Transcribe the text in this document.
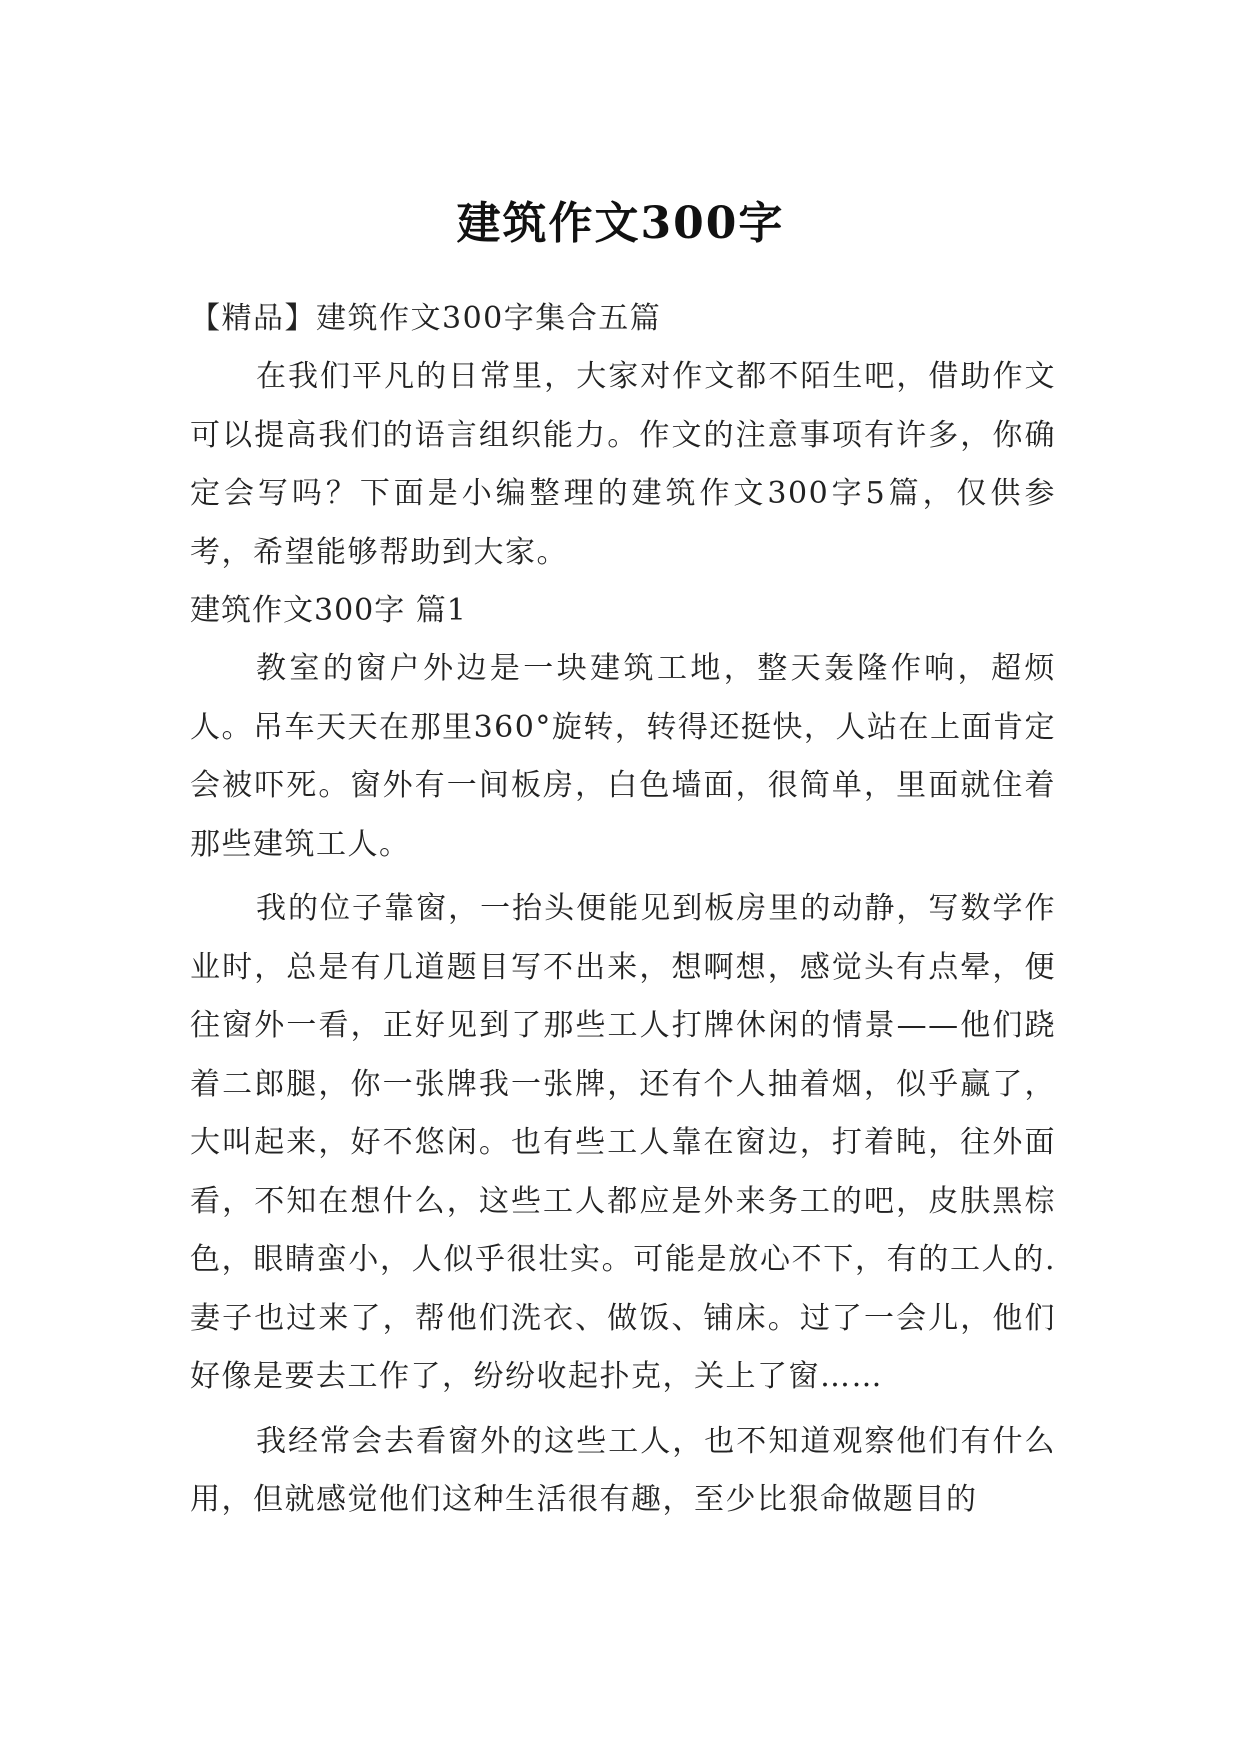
建筑作文300字

【精品】建筑作文300字集合五篇

在我们平凡的日常里，大家对作文都不陌生吧，借助作文可以提高我们的语言组织能力。作文的注意事项有许多，你确定会写吗？下面是小编整理的建筑作文300字5篇，仅供参考，希望能够帮助到大家。

建筑作文300字 篇1

教室的窗户外边是一块建筑工地，整天轰隆作响，超烦人。吊车天天在那里360°旋转，转得还挺快，人站在上面肯定会被吓死。窗外有一间板房，白色墙面，很简单，里面就住着那些建筑工人。

我的位子靠窗，一抬头便能见到板房里的动静，写数学作业时，总是有几道题目写不出来，想啊想，感觉头有点晕，便往窗外一看，正好见到了那些工人打牌休闲的情景——他们跷着二郎腿，你一张牌我一张牌，还有个人抽着烟，似乎赢了，大叫起来，好不悠闲。也有些工人靠在窗边，打着盹，往外面看，不知在想什么，这些工人都应是外来务工的吧，皮肤黑棕色，眼睛蛮小，人似乎很壮实。可能是放心不下，有的工人的.妻子也过来了，帮他们洗衣、做饭、铺床。过了一会儿，他们好像是要去工作了，纷纷收起扑克，关上了窗……

我经常会去看窗外的这些工人，也不知道观察他们有什么用，但就感觉他们这种生活很有趣，至少比狠命做题目的
